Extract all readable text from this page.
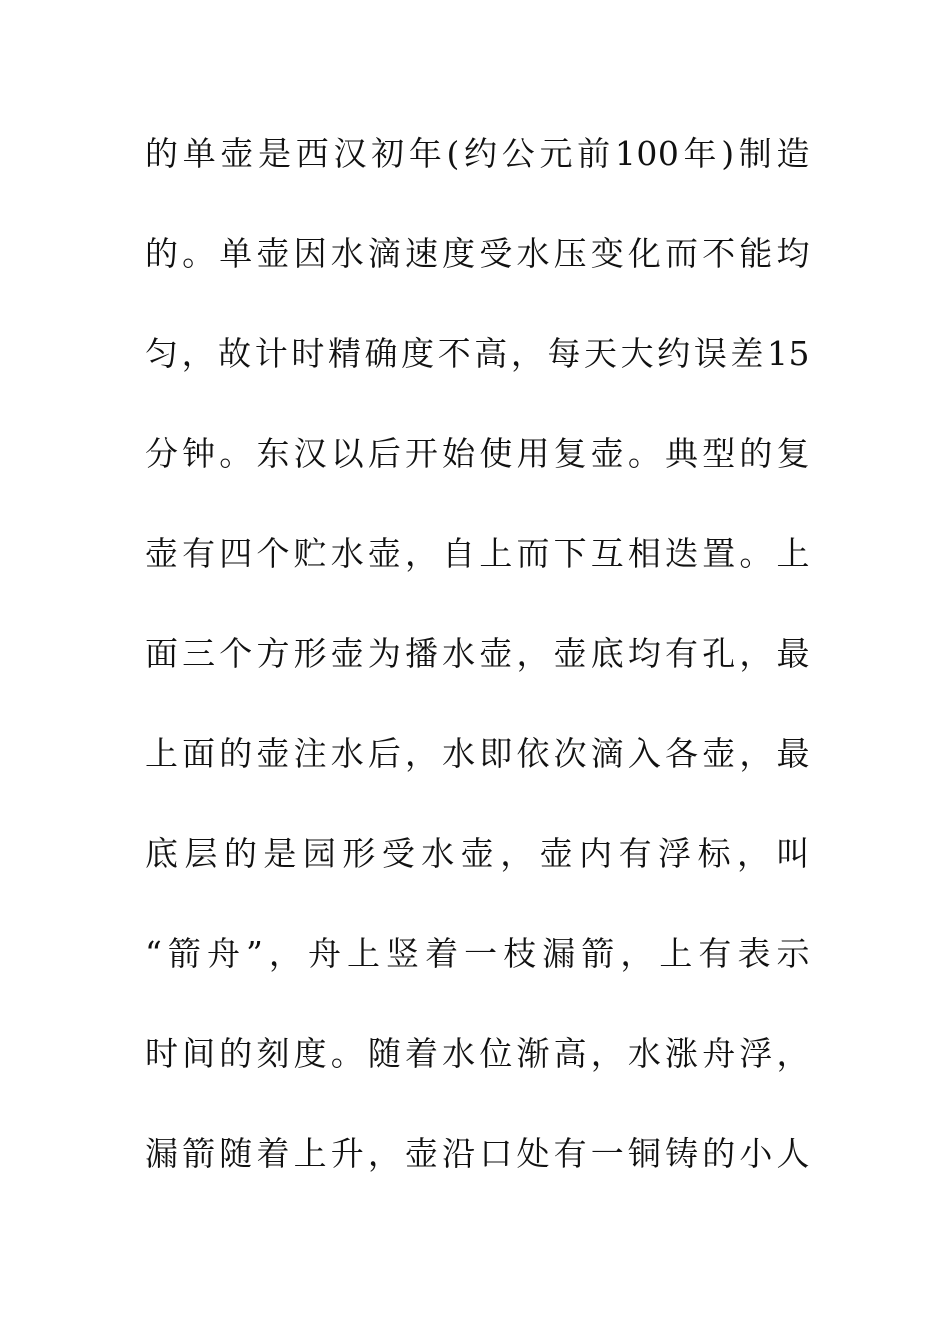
的单壶是西汉初年(约公元前100年)制造
的。单壶因水滴速度受水压变化而不能均
匀，故计时精确度不高，每天大约误差15
分钟。东汉以后开始使用复壶。典型的复
壶有四个贮水壶，自上而下互相迭置。上
面三个方形壶为播水壶，壶底均有孔，最
上面的壶注水后，水即依次滴入各壶，最
底层的是园形受水壶，壶内有浮标，叫
“箭舟”，舟上竖着一枝漏箭，上有表示
时间的刻度。随着水位渐高，水涨舟浮，
漏箭随着上升，壶沿口处有一铜铸的小人
